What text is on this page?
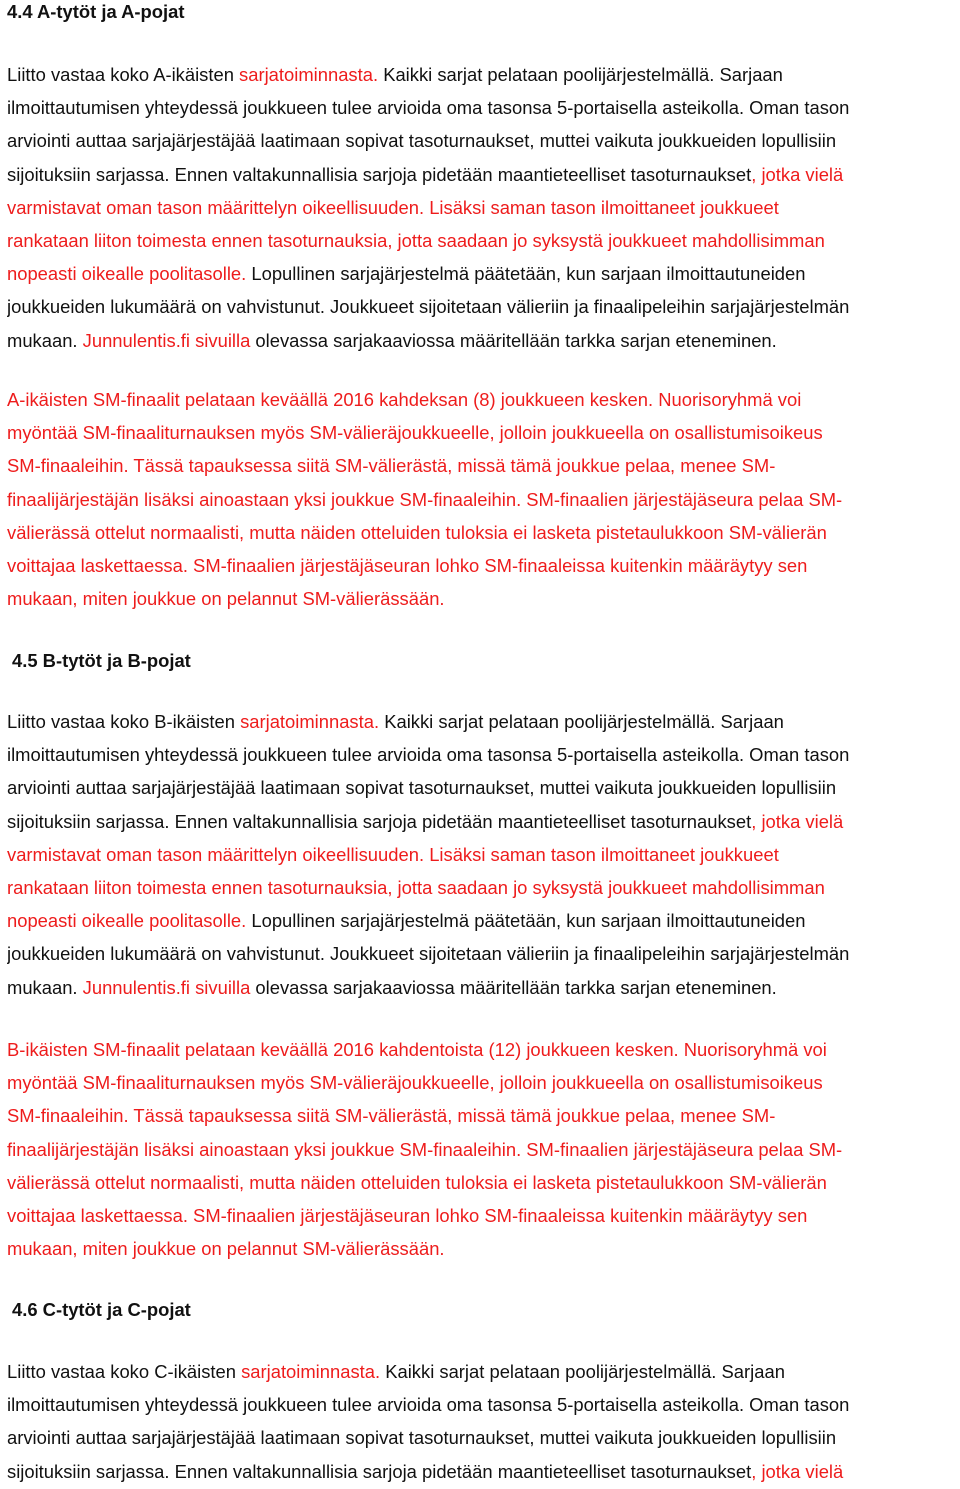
4.4 A-tytöt ja A-pojat
Liitto vastaa koko A-ikäisten sarjatoiminnasta. Kaikki sarjat pelataan poolijärjestelmällä. Sarjaan
ilmoittautumisen yhteydessä joukkueen tulee arvioida oma tasonsa 5-portaisella asteikolla. Oman tason
arviointi auttaa sarjajärjestäjää laatimaan sopivat tasoturnaukset, muttei vaikuta joukkueiden lopullisiin
sijoituksiin sarjassa. Ennen valtakunnallisia sarjoja pidetään maantieteelliset tasoturnaukset, jotka vielä
varmistavat oman tason määrittelyn oikeellisuuden. Lisäksi saman tason ilmoittaneet joukkueet
rankataan liiton toimesta ennen tasoturnauksia, jotta saadaan jo syksystä joukkueet mahdollisimman
nopeasti oikealle poolitasolle. Lopullinen sarjajärjestelmä päätetään, kun sarjaan ilmoittautuneiden
joukkueiden lukumäärä on vahvistunut. Joukkueet sijoitetaan välieriin ja finaalipeleihin sarjajärjestelmän
mukaan. Junnulentis.fi sivuilla olevassa sarjakaaviossa määritellään tarkka sarjan eteneminen.
A-ikäisten SM-finaalit pelataan keväällä 2016 kahdeksan (8) joukkueen kesken. Nuorisoryhmä voi
myöntää SM-finaaliturnauksen myös SM-välieräjoukkueelle, jolloin joukkueella on osallistumisoikeus
SM-finaaleihin. Tässä tapauksessa siitä SM-välierästä, missä tämä joukkue pelaa, menee SM-
finaalijärjestäjän lisäksi ainoastaan yksi joukkue SM-finaaleihin. SM-finaalien järjestäjäseura pelaa SM-
välierässä ottelut normaalisti, mutta näiden otteluiden tuloksia ei lasketa pistetaulukkoon SM-välierän
voittajaa laskettaessa. SM-finaalien järjestäjäseuran lohko SM-finaaleissa kuitenkin määräytyy sen
mukaan, miten joukkue on pelannut SM-välierässään.
4.5 B-tytöt ja B-pojat
Liitto vastaa koko B-ikäisten sarjatoiminnasta. Kaikki sarjat pelataan poolijärjestelmällä. Sarjaan
ilmoittautumisen yhteydessä joukkueen tulee arvioida oma tasonsa 5-portaisella asteikolla. Oman tason
arviointi auttaa sarjajärjestäjää laatimaan sopivat tasoturnaukset, muttei vaikuta joukkueiden lopullisiin
sijoituksiin sarjassa. Ennen valtakunnallisia sarjoja pidetään maantieteelliset tasoturnaukset, jotka vielä
varmistavat oman tason määrittelyn oikeellisuuden. Lisäksi saman tason ilmoittaneet joukkueet
rankataan liiton toimesta ennen tasoturnauksia, jotta saadaan jo syksystä joukkueet mahdollisimman
nopeasti oikealle poolitasolle. Lopullinen sarjajärjestelmä päätetään, kun sarjaan ilmoittautuneiden
joukkueiden lukumäärä on vahvistunut. Joukkueet sijoitetaan välieriin ja finaalipeleihin sarjajärjestelmän
mukaan. Junnulentis.fi sivuilla olevassa sarjakaaviossa määritellään tarkka sarjan eteneminen.
B-ikäisten SM-finaalit pelataan keväällä 2016 kahdentoista (12) joukkueen kesken. Nuorisoryhmä voi
myöntää SM-finaaliturnauksen myös SM-välieräjoukkueelle, jolloin joukkueella on osallistumisoikeus
SM-finaaleihin. Tässä tapauksessa siitä SM-välierästä, missä tämä joukkue pelaa, menee SM-
finaalijärjestäjän lisäksi ainoastaan yksi joukkue SM-finaaleihin. SM-finaalien järjestäjäseura pelaa SM-
välierässä ottelut normaalisti, mutta näiden otteluiden tuloksia ei lasketa pistetaulukkoon SM-välierän
voittajaa laskettaessa. SM-finaalien järjestäjäseuran lohko SM-finaaleissa kuitenkin määräytyy sen
mukaan, miten joukkue on pelannut SM-välierässään.
4.6 C-tytöt ja C-pojat
Liitto vastaa koko C-ikäisten sarjatoiminnasta. Kaikki sarjat pelataan poolijärjestelmällä. Sarjaan
ilmoittautumisen yhteydessä joukkueen tulee arvioida oma tasonsa 5-portaisella asteikolla. Oman tason
arviointi auttaa sarjajärjestäjää laatimaan sopivat tasoturnaukset, muttei vaikuta joukkueiden lopullisiin
sijoituksiin sarjassa. Ennen valtakunnallisia sarjoja pidetään maantieteelliset tasoturnaukset, jotka vielä
